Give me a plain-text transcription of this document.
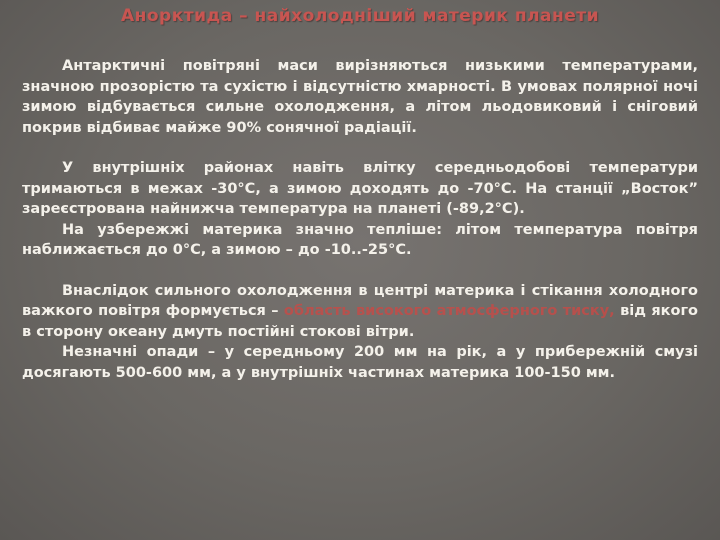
Анорктида – найхолодніший материк планети

Антарктичні повітряні маси вирізняються низькими температурами, значною прозорістю та сухістю і відсутністю хмарності. В умовах полярної ночі зимою відбувається сильне охолодження, а літом льодовиковий і сніговий покрив відбиває майже 90% сонячної радіації.

У внутрішніх районах навіть влітку середньодобові температури тримаються в межах -30°С, а зимою доходять до -70°С. На станції „Восток” зареєстрована найнижча температура на планеті (-89,2°С).

На узбережжі материка значно тепліше: літом температура повітря наближається до 0°С, а зимою – до -10..-25°С.

Внаслідок сильного охолодження в центрі материка і стікання холодного важкого повітря формується – область високого атмосферного тиску, від якого в сторону океану дмуть постійні стокові вітри.

Незначні опади – у середньому 200 мм на рік, а у прибережній смузі досягають 500-600 мм, а у внутрішніх частинах материка 100-150 мм.
